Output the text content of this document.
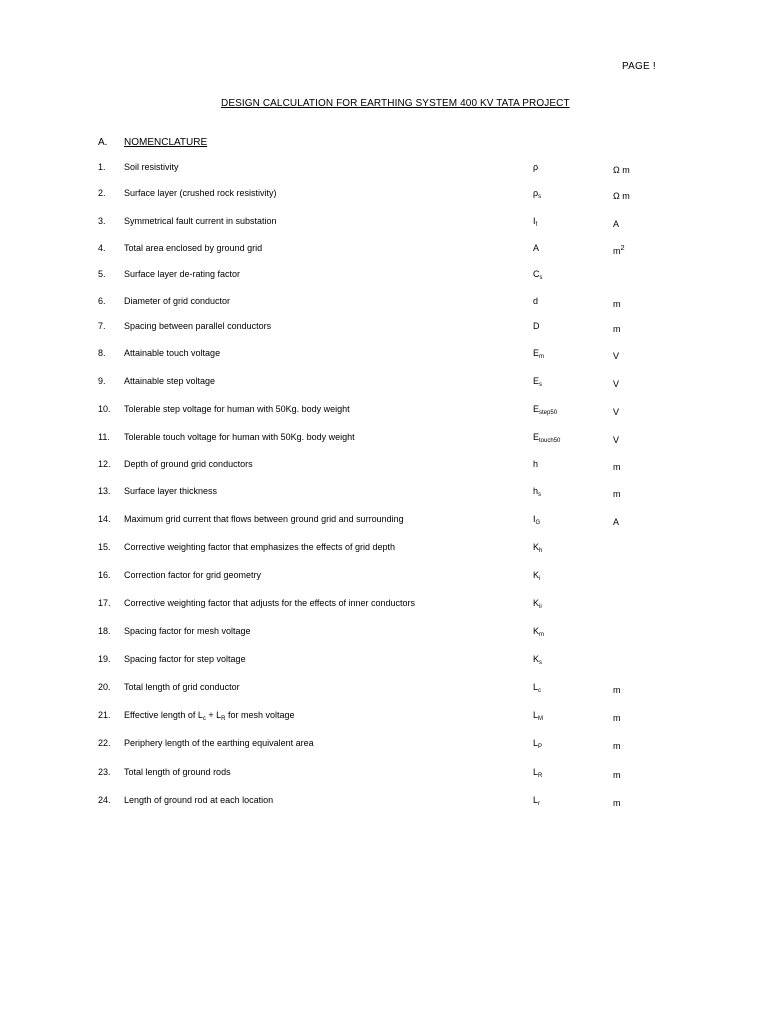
PAGE !
DESIGN CALCULATION FOR EARTHING SYSTEM 400 KV TATA PROJECT
A. NOMENCLATURE
1. Soil resistivity	ρ	Ω m
2. Surface layer (crushed rock resistivity)	$\rho_s$	Ω m
3. Symmetrical fault current in substation	$I_f$	A
4. Total area enclosed by ground grid	A	$m^2$
5. Surface layer de-rating factor	$C_s$
6. Diameter of grid conductor	d	m
7. Spacing between parallel conductors	D	m
8. Attainable touch voltage	$E_m$	V
9. Attainable step voltage	$E_s$	V
10. Tolerable step voltage for human with 50Kg. body weight	$E_{step50}$	V
11. Tolerable touch voltage for human with 50Kg. body weight	$E_{touch50}$	V
12. Depth of ground grid conductors	h	m
13. Surface layer thickness	$h_s$	m
14. Maximum grid current that flows between ground grid and surrounding	$I_G$	A
15. Corrective weighting factor that emphasizes the effects of grid depth	$K_h$
16. Correction factor for grid geometry	$K_i$
17. Corrective weighting factor that adjusts for the effects of inner conductors	$K_{ii}$
18. Spacing factor for mesh voltage	$K_m$
19. Spacing factor for step voltage	$K_s$
20. Total length of grid conductor	$L_c$	m
21. Effective length of $L_c + L_R$ for mesh voltage	$L_M$	m
22. Periphery length of the earthing equivalent area	$L_P$	m
23. Total length of ground rods	$L_R$	m
24. Length of ground rod at each location	$L_r$	m
